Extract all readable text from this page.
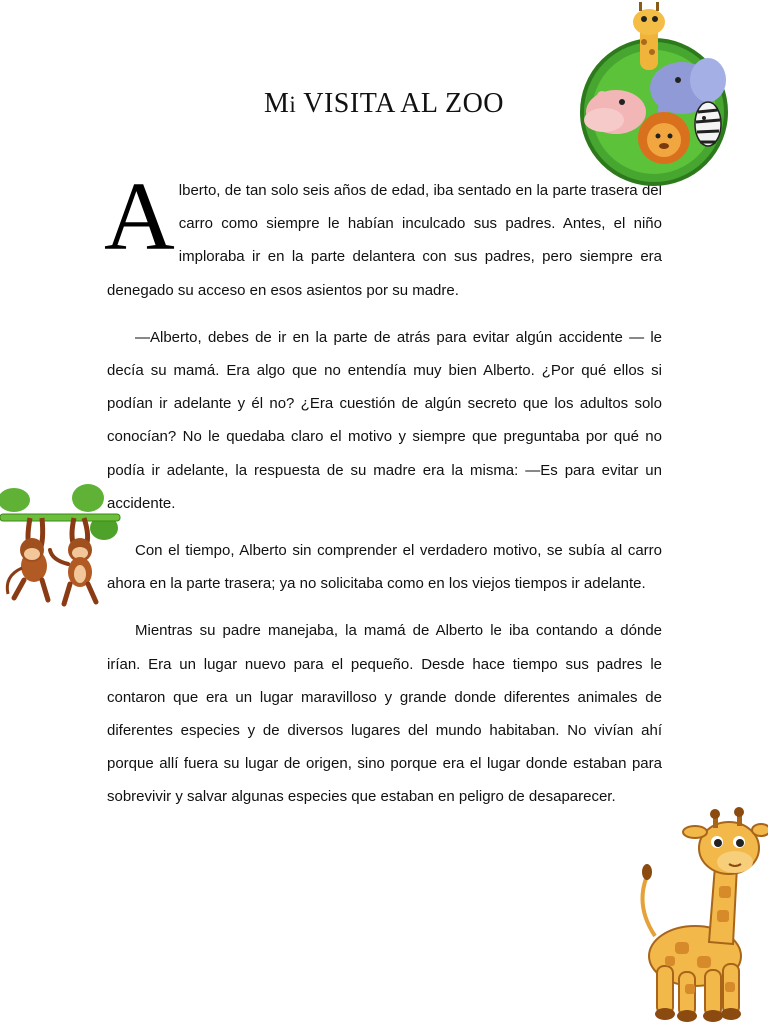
Mi VISITA AL ZOO

Alberto, de tan solo seis años de edad, iba sentado en la parte trasera del carro como siempre le habían inculcado sus padres. Antes, el niño imploraba ir en la parte delantera con sus padres, pero siempre era denegado su acceso en esos asientos por su madre.

—Alberto, debes de ir en la parte de atrás para evitar algún accidente — le decía su mamá. Era algo que no entendía muy bien Alberto. ¿Por qué ellos si podían ir adelante y él no? ¿Era cuestión de algún secreto que los adultos solo conocían? No le quedaba claro el motivo y siempre que preguntaba por qué no podía ir adelante, la respuesta de su madre era la misma: —Es para evitar un accidente.

Con el tiempo, Alberto sin comprender el verdadero motivo, se subía al carro ahora en la parte trasera; ya no solicitaba como en los viejos tiempos ir adelante.

Mientras su padre manejaba, la mamá de Alberto le iba contando a dónde irían. Era un lugar nuevo para el pequeño. Desde hace tiempo sus padres le contaron que era un lugar maravilloso y grande donde diferentes animales de diferentes especies y de diversos lugares del mundo habitaban. No vivían ahí porque allí fuera su lugar de origen, sino porque era el lugar donde estaban para sobrevivir y salvar algunas especies que estaban en peligro de desaparecer.
